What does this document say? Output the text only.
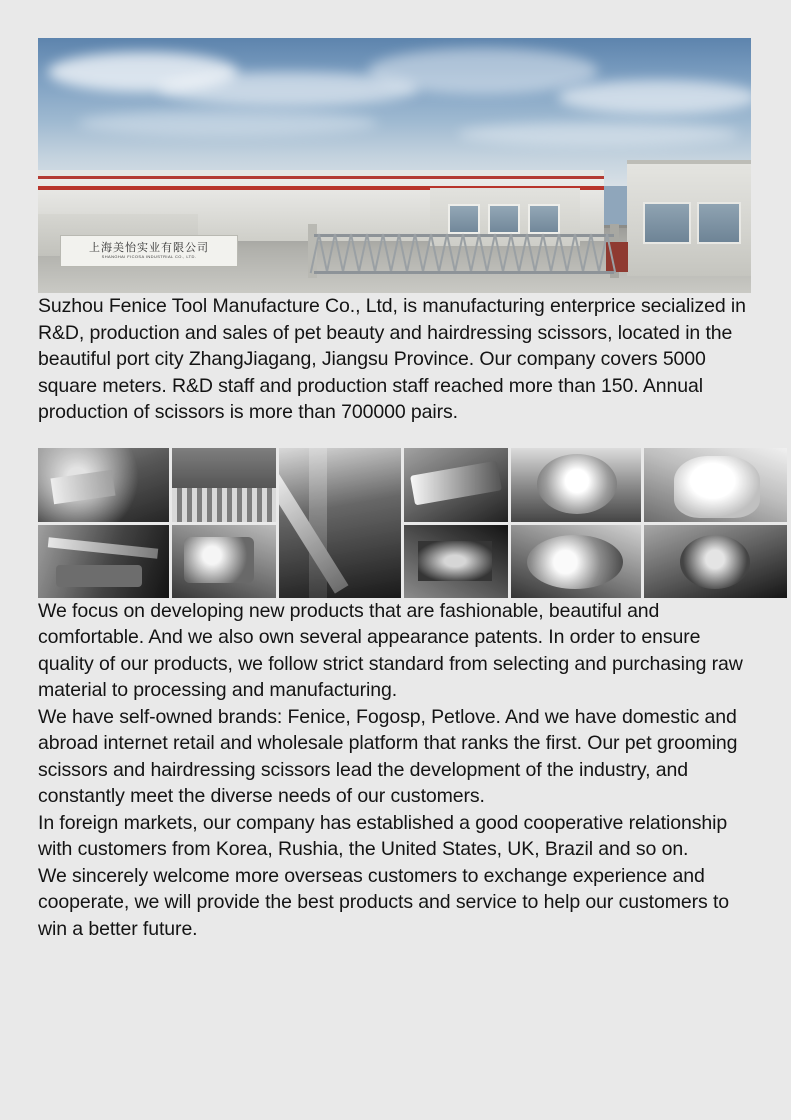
上海美怡实业有限公司
SHANGHAI FICOSA INDUSTRIAL CO., LTD.

Suzhou Fenice Tool Manufacture Co., Ltd, is manufacturing enterprice secialized in R&D, production and sales of pet beauty and hairdressing scissors, located in the beautiful port city ZhangJiagang, Jiangsu Province. Our company covers 5000 square meters. R&D staff and production staff reached more than 150. Annual production of scissors is more than 700000 pairs.

We focus on developing new products that are fashionable, beautiful and comfortable. And we also own several appearance patents. In order to ensure quality of our products, we follow strict standard from selecting and purchasing raw material to processing and manufacturing.

We have self-owned brands: Fenice, Fogosp, Petlove. And we have domestic and abroad internet retail and wholesale platform that ranks the first. Our pet grooming scissors and hairdressing scissors lead the development of the industry, and constantly meet the diverse needs of our customers.

In foreign markets, our company has established a good cooperative relationship with customers from Korea, Rushia, the United States, UK, Brazil and so on.

We sincerely welcome more overseas customers to exchange experience and cooperate, we will provide the best products and service to help our customers to win a better future.
